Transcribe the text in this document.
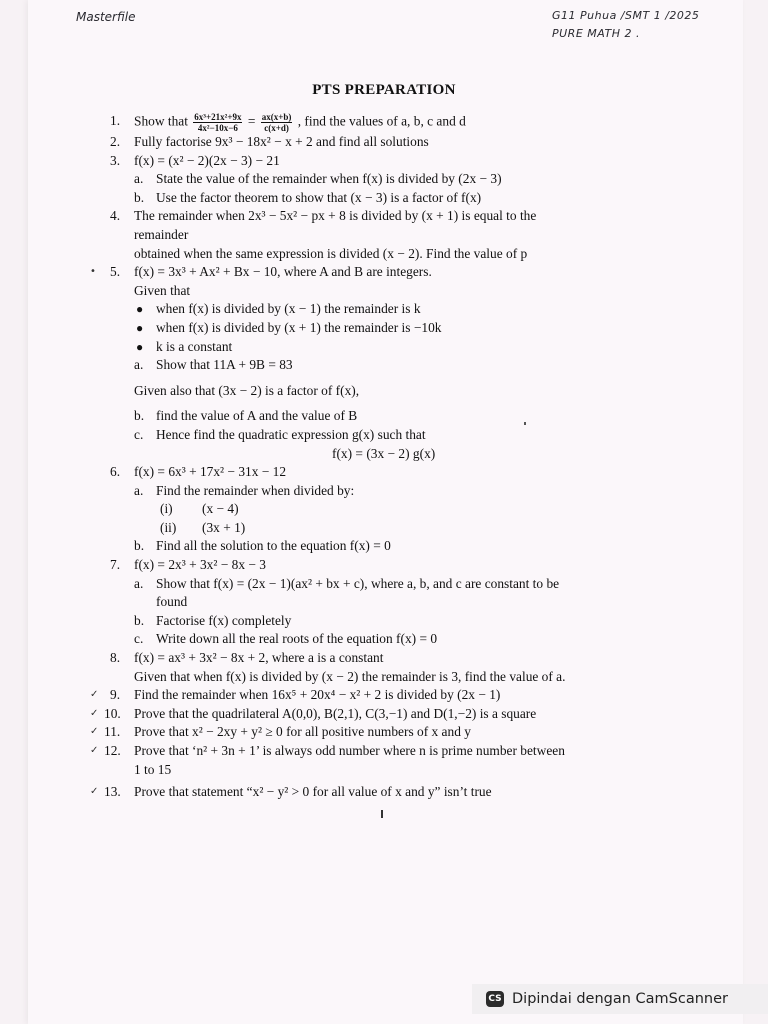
Masterfile	G11 Puhua /SMT 1 /2025
PURE MATH 2 .
PTS PREPARATION
1.	Show that $\frac{\text{6x³+21x²+9x}}{\text{4x²−10x−6}} = \frac{ax(x+b)}{c(x+d)}$ , find the values of a, b, c and d
2.	Fully factorise 9x³ − 18x² − x + 2 and find all solutions
3.	f(x) = (x² − 2)(2x − 3) − 21
a. State the value of the remainder when f(x) is divided by (2x − 3)
b. Use the factor theorem to show that (x − 3) is a factor of f(x)
4.	The remainder when 2x³ − 5x² − px + 8 is divided by (x + 1) is equal to the
remainder
obtained when the same expression is divided (x − 2). Find the value of p
• 5.	f(x) = 3x³ + Ax² + Bx − 10, where A and B are integers.
Given that
● when f(x) is divided by (x − 1) the remainder is k
● when f(x) is divided by (x + 1) the remainder is −10k
● k is a constant
a. Show that 11A + 9B = 83
Given also that (3x − 2) is a factor of f(x),
b. find the value of A and the value of B
c. Hence find the quadratic expression g(x) such that
f(x) = (3x − 2) g(x)
6.	f(x) = 6x³ + 17x² − 31x − 12
a. Find the remainder when divided by:
(i) (x − 4)
(ii) (3x + 1)
b. Find all the solution to the equation f(x) = 0
7.	f(x) = 2x³ + 3x² − 8x − 3
a. Show that f(x) = (2x − 1)(ax² + bx + c), where a, b, and c are constant to be
found
b. Factorise f(x) completely
c. Write down all the real roots of the equation f(x) = 0
8.	f(x) = ax³ + 3x² − 8x + 2, where a is a constant
Given that when f(x) is divided by (x − 2) the remainder is 3, find the value of a.
✓ 9.	Find the remainder when 16x⁵ + 20x⁴ − x² + 2 is divided by (2x − 1)
✓ 10. Prove that the quadrilateral A(0,0), B(2,1), C(3,−1) and D(1,−2) is a square
✓ 11.	Prove that x² − 2xy + y² ≥ 0 for all positive numbers of x and y
✓ 12. Prove that ‘n² + 3n + 1’ is always odd number where n is prime number between
1 to 15
✓ 13. Prove that statement “x² − y² > 0 for all value of x and y” isn’t true
CS Dipindai dengan CamScanner
